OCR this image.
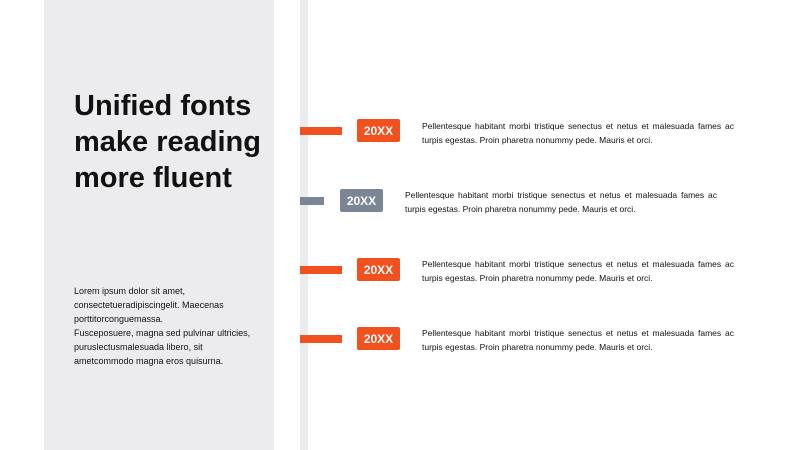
Unified fonts make reading more fluent

Lorem ipsum dolor sit amet,
consectetueradipiscingelit. Maecenas
porttitorconguemassa.
Fusceposuere, magna sed pulvinar ultricies,
puruslectusmalesuada libero, sit
ametcommodo magna eros quisurna.

20XX	Pellentesque habitant morbi tristique senectus et netus et malesuada fames ac turpis egestas. Proin pharetra nonummy pede. Mauris et orci.

20XX	Pellentesque habitant morbi tristique senectus et netus et malesuada fames ac turpis egestas. Proin pharetra nonummy pede. Mauris et orci.

20XX	Pellentesque habitant morbi tristique senectus et netus et malesuada fames ac turpis egestas. Proin pharetra nonummy pede. Mauris et orci.

20XX	Pellentesque habitant morbi tristique senectus et netus et malesuada fames ac turpis egestas. Proin pharetra nonummy pede. Mauris et orci.
